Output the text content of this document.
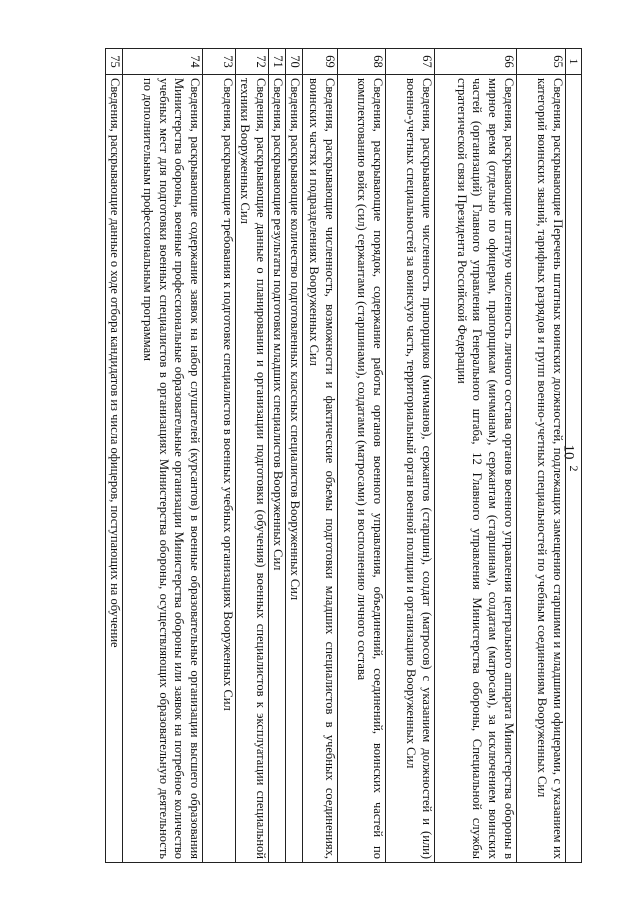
10
1	2
65	Сведения, раскрывающие Перечень штатных воинских должностей, подлежащих замещению старшими и младшими офицерами, с указанием их категорий воинских званий, тарифных разрядов и групп военно-учетных специальностей по учебным соединениям Вооруженных Сил
66	Сведения, раскрывающие штатную численность личного состава органов военного управления центрального аппарата Министерства обороны в мирное время (отдельно по офицерам, прапорщикам (мичманам), сержантам (старшинам), солдатам (матросам), за исключением воинских частей (организаций) Главного управления Генерального штаба, 12 Главного управления Министерства обороны, Специальной службы стратегической связи Президента Российской Федерации
67	Сведения, раскрывающие численность прапорщиков (мичманов), сержантов (старшин), солдат (матросов) с указанием должностей и (или) военно-учетных специальностей за воинскую часть, территориальный орган военной полиции и организацию Вооруженных Сил
68	Сведения, раскрывающие порядок, содержание работы органов военного управления, объединений, соединений, воинских частей по комплектованию войск (сил) сержантами (старшинами), солдатами (матросами) и восполнению личного состава
69	Сведения, раскрывающие численность, возможности и фактические объемы подготовки младших специалистов в учебных соединениях, воинских частях и подразделениях Вооруженных Сил
70	Сведения, раскрывающие количество подготовленных классных специалистов Вооруженных Сил
71	Сведения, раскрывающие результаты подготовки младших специалистов Вооруженных Сил
72	Сведения, раскрывающие данные о планировании и организации подготовки (обучения) военных специалистов к эксплуатации специальной техники Вооруженных Сил
73	Сведения, раскрывающие требования к подготовке специалистов в военных учебных организациях Вооруженных Сил
74	Сведения, раскрывающие содержание заявок на набор слушателей (курсантов) в военные образовательные организации высшего образования Министерства обороны, военные профессиональные образовательные организации Министерства обороны или заявок на потребное количество учебных мест для подготовки военных специалистов в организациях Министерства обороны, осуществляющих образовательную деятельность по дополнительным профессиональным программам
75	Сведения, раскрывающие данные о ходе отбора кандидатов из числа офицеров, поступающих на обучение
